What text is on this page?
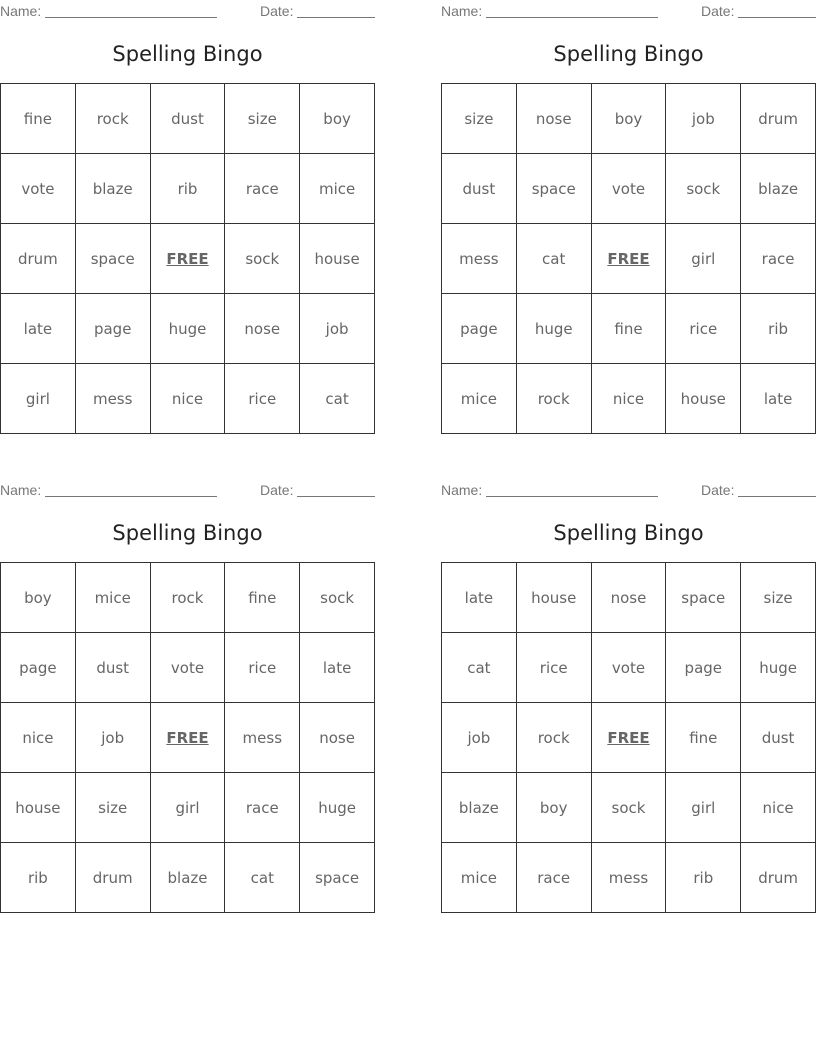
Name:	Date:
Spelling Bingo
fine	rock	dust	size	boy
vote	blaze	rib	race	mice
drum	space	FREE	sock	house
late	page	huge	nose	job
girl	mess	nice	rice	cat
Name:	Date:
Spelling Bingo
size	nose	boy	job	drum
dust	space	vote	sock	blaze
mess	cat	FREE	girl	race
page	huge	fine	rice	rib
mice	rock	nice	house	late
Name:	Date:
Spelling Bingo
boy	mice	rock	fine	sock
page	dust	vote	rice	late
nice	job	FREE	mess	nose
house	size	girl	race	huge
rib	drum	blaze	cat	space
Name:	Date:
Spelling Bingo
late	house	nose	space	size
cat	rice	vote	page	huge
job	rock	FREE	fine	dust
blaze	boy	sock	girl	nice
mice	race	mess	rib	drum
